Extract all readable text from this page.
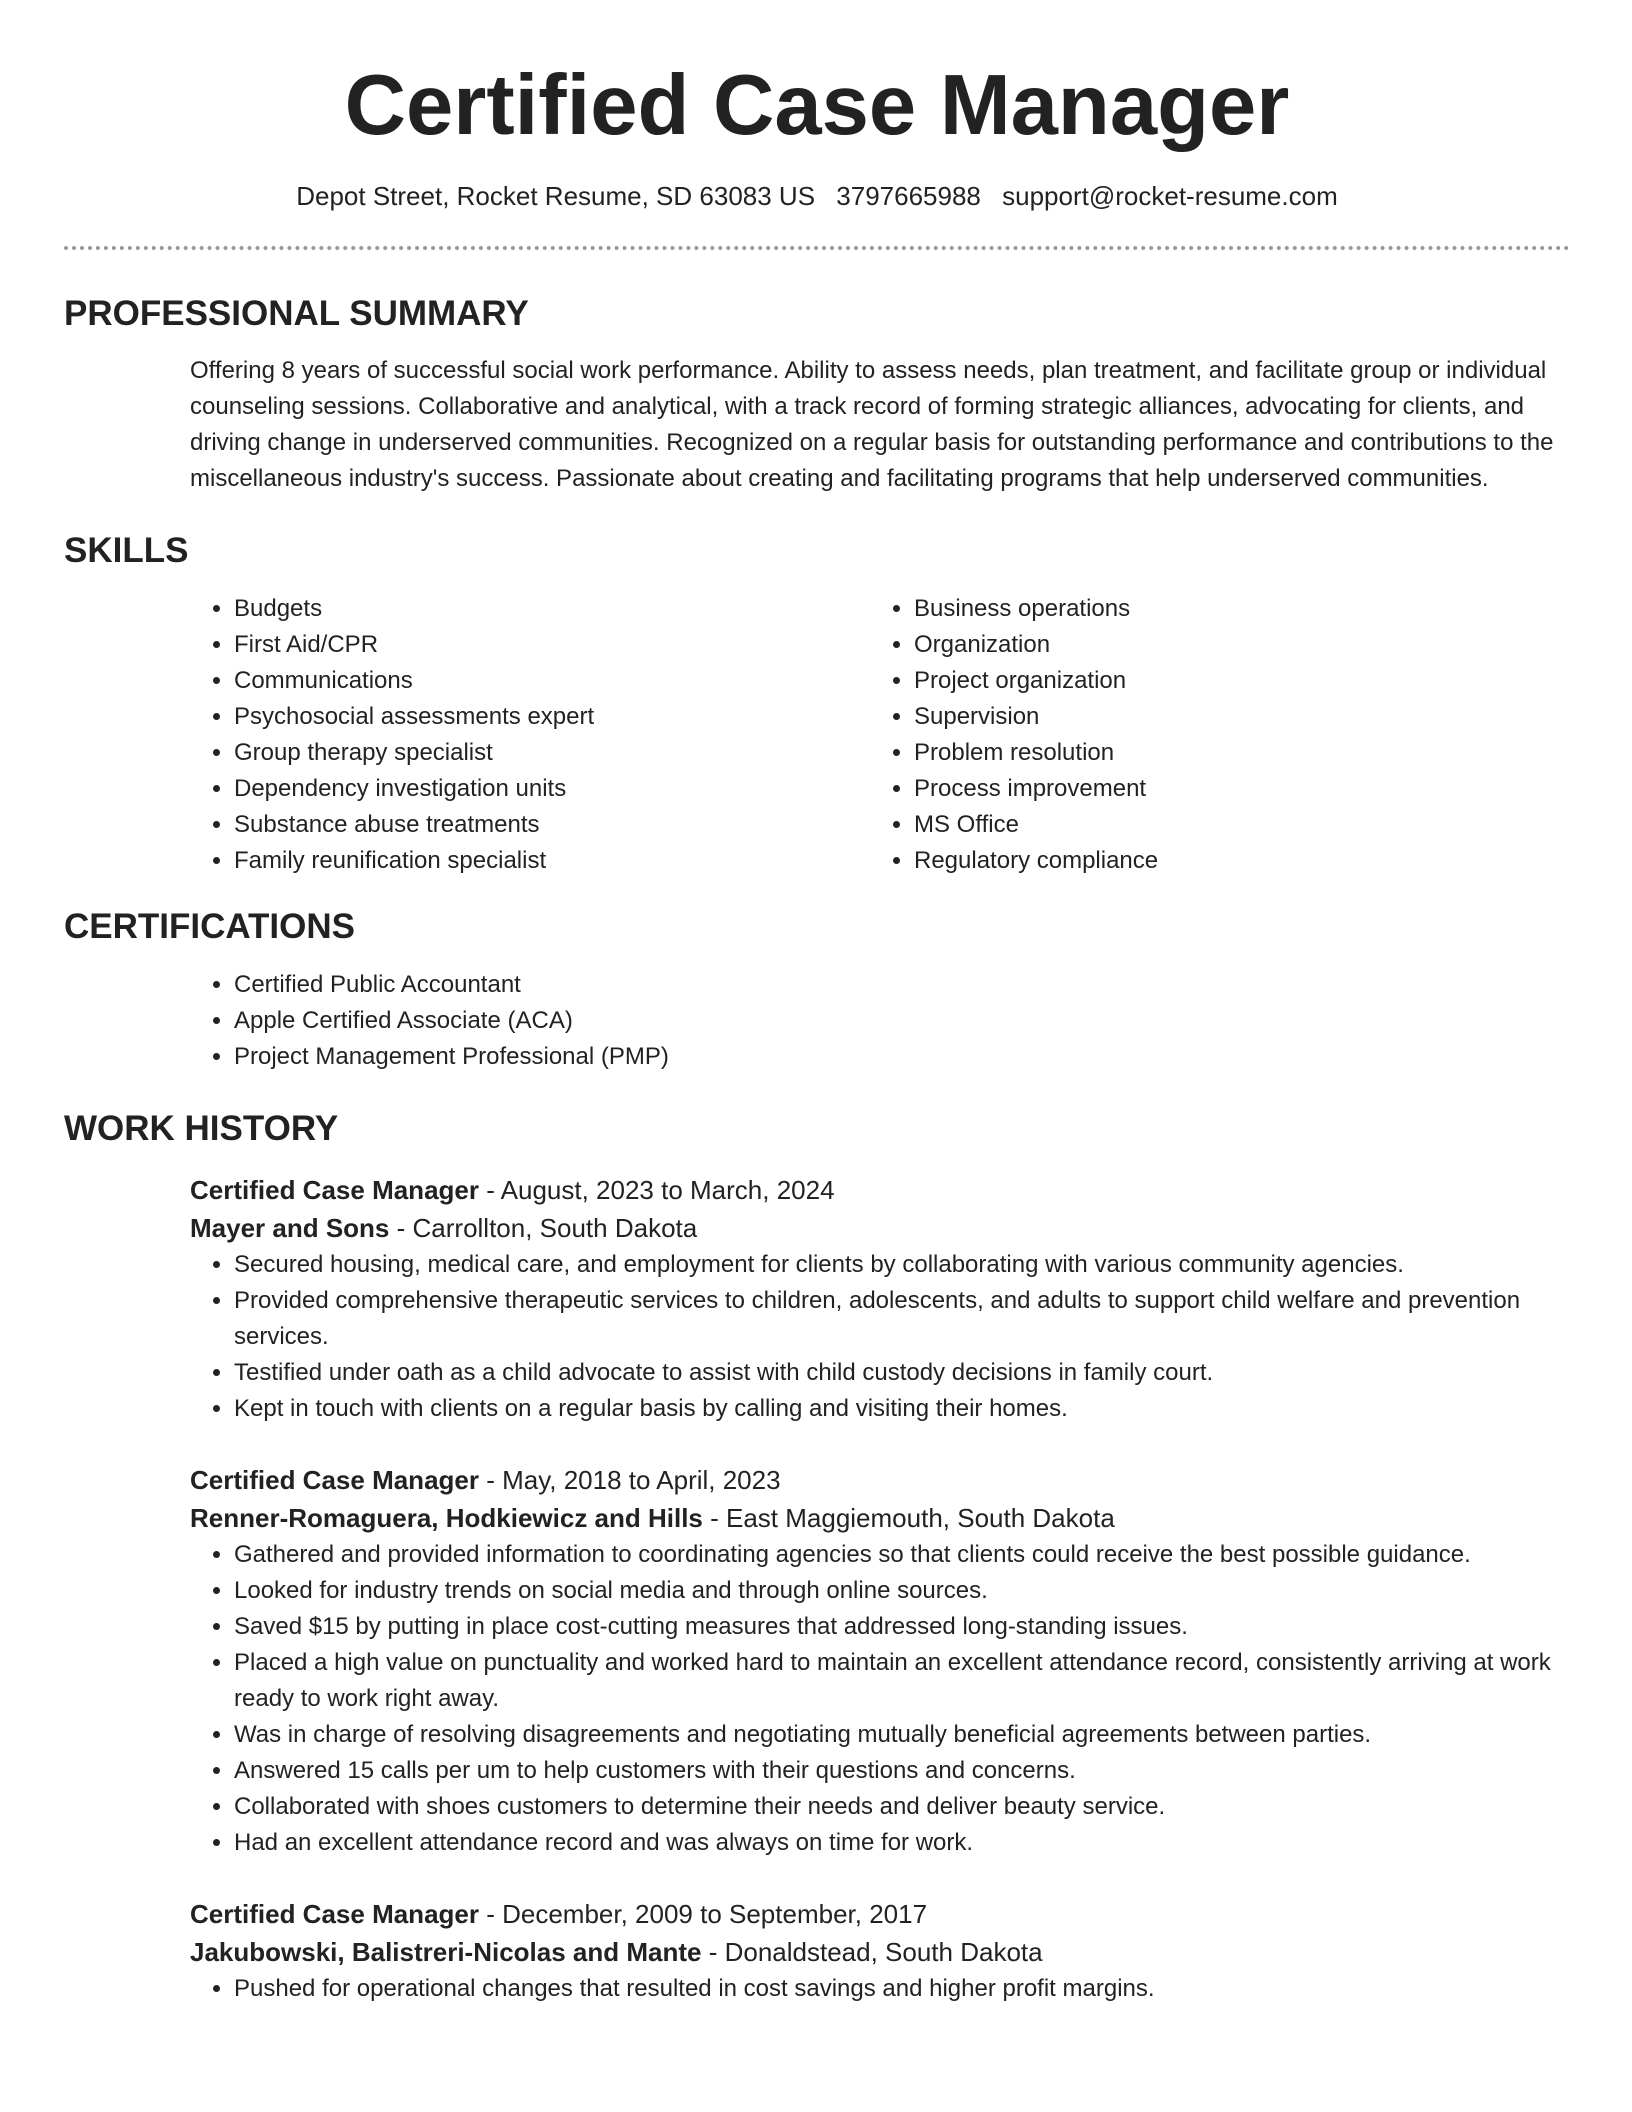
Certified Case Manager
Depot Street, Rocket Resume, SD 63083 US 3797665988 support@rocket-resume.com
PROFESSIONAL SUMMARY
Offering 8 years of successful social work performance. Ability to assess needs, plan treatment, and facilitate group or individual counseling sessions. Collaborative and analytical, with a track record of forming strategic alliances, advocating for clients, and driving change in underserved communities. Recognized on a regular basis for outstanding performance and contributions to the miscellaneous industry's success. Passionate about creating and facilitating programs that help underserved communities.
SKILLS
• Budgets
• First Aid/CPR
• Communications
• Psychosocial assessments expert
• Group therapy specialist
• Dependency investigation units
• Substance abuse treatments
• Family reunification specialist
• Business operations
• Organization
• Project organization
• Supervision
• Problem resolution
• Process improvement
• MS Office
• Regulatory compliance
CERTIFICATIONS
• Certified Public Accountant
• Apple Certified Associate (ACA)
• Project Management Professional (PMP)
WORK HISTORY
Certified Case Manager - August, 2023 to March, 2024
Mayer and Sons - Carrollton, South Dakota
• Secured housing, medical care, and employment for clients by collaborating with various community agencies.
• Provided comprehensive therapeutic services to children, adolescents, and adults to support child welfare and prevention services.
• Testified under oath as a child advocate to assist with child custody decisions in family court.
• Kept in touch with clients on a regular basis by calling and visiting their homes.
Certified Case Manager - May, 2018 to April, 2023
Renner-Romaguera, Hodkiewicz and Hills - East Maggiemouth, South Dakota
• Gathered and provided information to coordinating agencies so that clients could receive the best possible guidance.
• Looked for industry trends on social media and through online sources.
• Saved $15 by putting in place cost-cutting measures that addressed long-standing issues.
• Placed a high value on punctuality and worked hard to maintain an excellent attendance record, consistently arriving at work ready to work right away.
• Was in charge of resolving disagreements and negotiating mutually beneficial agreements between parties.
• Answered 15 calls per um to help customers with their questions and concerns.
• Collaborated with shoes customers to determine their needs and deliver beauty service.
• Had an excellent attendance record and was always on time for work.
Certified Case Manager - December, 2009 to September, 2017
Jakubowski, Balistreri-Nicolas and Mante - Donaldstead, South Dakota
• Pushed for operational changes that resulted in cost savings and higher profit margins.
